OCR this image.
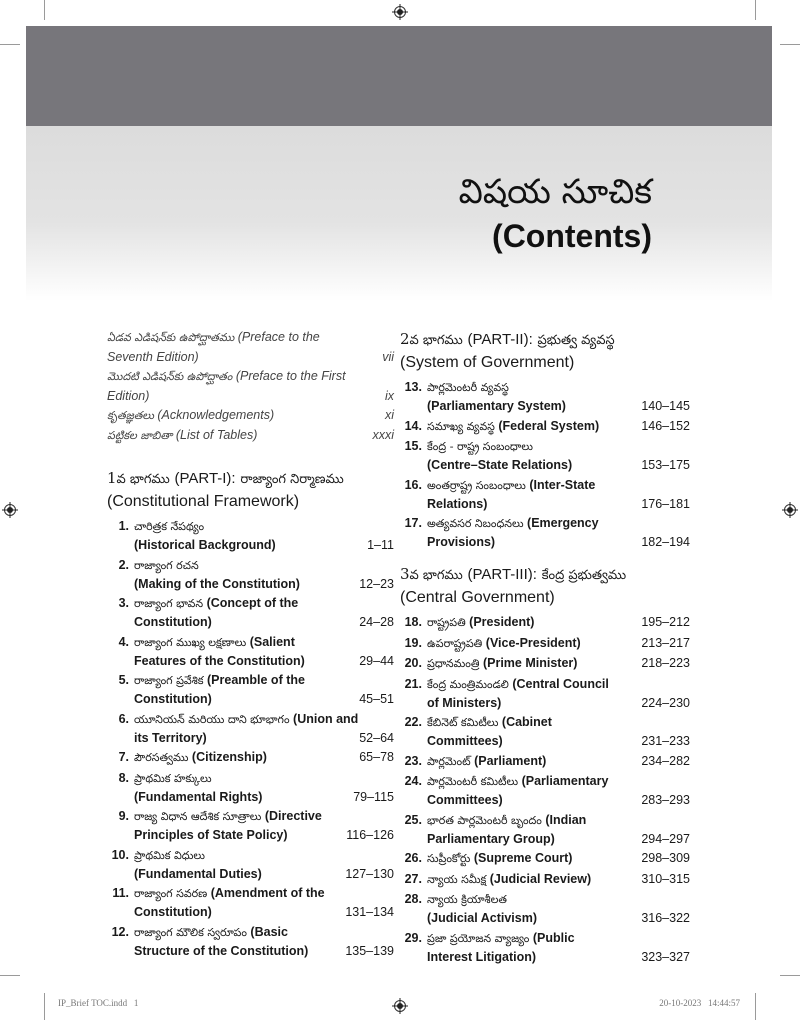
విషయ సూచిక
(Contents)
ఏడవ ఎడిషన్‌కు ఉపోద్ఘాతము (Preface to the
Seventh Edition)	vii
మొదటి ఎడిషన్‌కు ఉపోద్ఘాతం (Preface to the First
Edition)	ix
కృతజ్ఞతలు (Acknowledgements)	xi
పట్టికల జాబితా (List of Tables)	xxxi
1వ భాగము (PART-I): రాజ్యాంగ నిర్మాణము
(Constitutional Framework)
1. చారిత్రక నేపథ్యం
(Historical Background)	1–11
2. రాజ్యాంగ రచన
(Making of the Constitution)	12–23
3. రాజ్యాంగ భావన (Concept of the
Constitution)	24–28
4. రాజ్యాంగ ముఖ్య లక్షణాలు (Salient
Features of the Constitution)	29–44
5. రాజ్యాంగ ప్రవేశిక (Preamble of the
Constitution)	45–51
6. యూనియన్ మరియు దాని భూభాగం (Union and
its Territory)	52–64
7. పౌరసత్వము (Citizenship)	65–78
8. ప్రాథమిక హక్కులు
(Fundamental Rights)	79–115
9. రాజ్య విధాన ఆదేశిక సూత్రాలు (Directive
Principles of State Policy)	116–126
10. ప్రాథమిక విధులు
(Fundamental Duties)	127–130
11. రాజ్యాంగ సవరణ (Amendment of the
Constitution)	131–134
12. రాజ్యాంగ మౌలిక స్వరూపం (Basic
Structure of the Constitution)	135–139
2వ భాగము (PART-II): ప్రభుత్వ వ్యవస్థ
(System of Government)
13. పార్లమెంటరీ వ్యవస్థ
(Parliamentary System)	140–145
14. సమాఖ్య వ్యవస్థ (Federal System)	146–152
15. కేంద్ర - రాష్ట్ర సంబంధాలు
(Centre–State Relations)	153–175
16. అంతర్రాష్ట్ర సంబంధాలు (Inter-State
Relations)	176–181
17. అత్యవసర నిబంధనలు (Emergency
Provisions)	182–194
3వ భాగము (PART-III): కేంద్ర ప్రభుత్వము
(Central Government)
18. రాష్ట్రపతి (President)	195–212
19. ఉపరాష్ట్రపతి (Vice-President)	213–217
20. ప్రధానమంత్రి (Prime Minister)	218–223
21. కేంద్ర మంత్రిమండలి (Central Council
of Ministers)	224–230
22. కేబినెట్ కమిటీలు (Cabinet
Committees)	231–233
23. పార్లమెంట్ (Parliament)	234–282
24. పార్లమెంటరీ కమిటీలు (Parliamentary
Committees)	283–293
25. భారత పార్లమెంటరీ బృందం (Indian
Parliamentary Group)	294–297
26. సుప్రీంకోర్టు (Supreme Court)	298–309
27. న్యాయ సమీక్ష (Judicial Review)	310–315
28. న్యాయ క్రియాశీలత
(Judicial Activism)	316–322
29. ప్రజా ప్రయోజన వ్యాజ్యం (Public
Interest Litigation)	323–327
IP_Brief TOC.indd   1	20-10-2023   14:44:57
